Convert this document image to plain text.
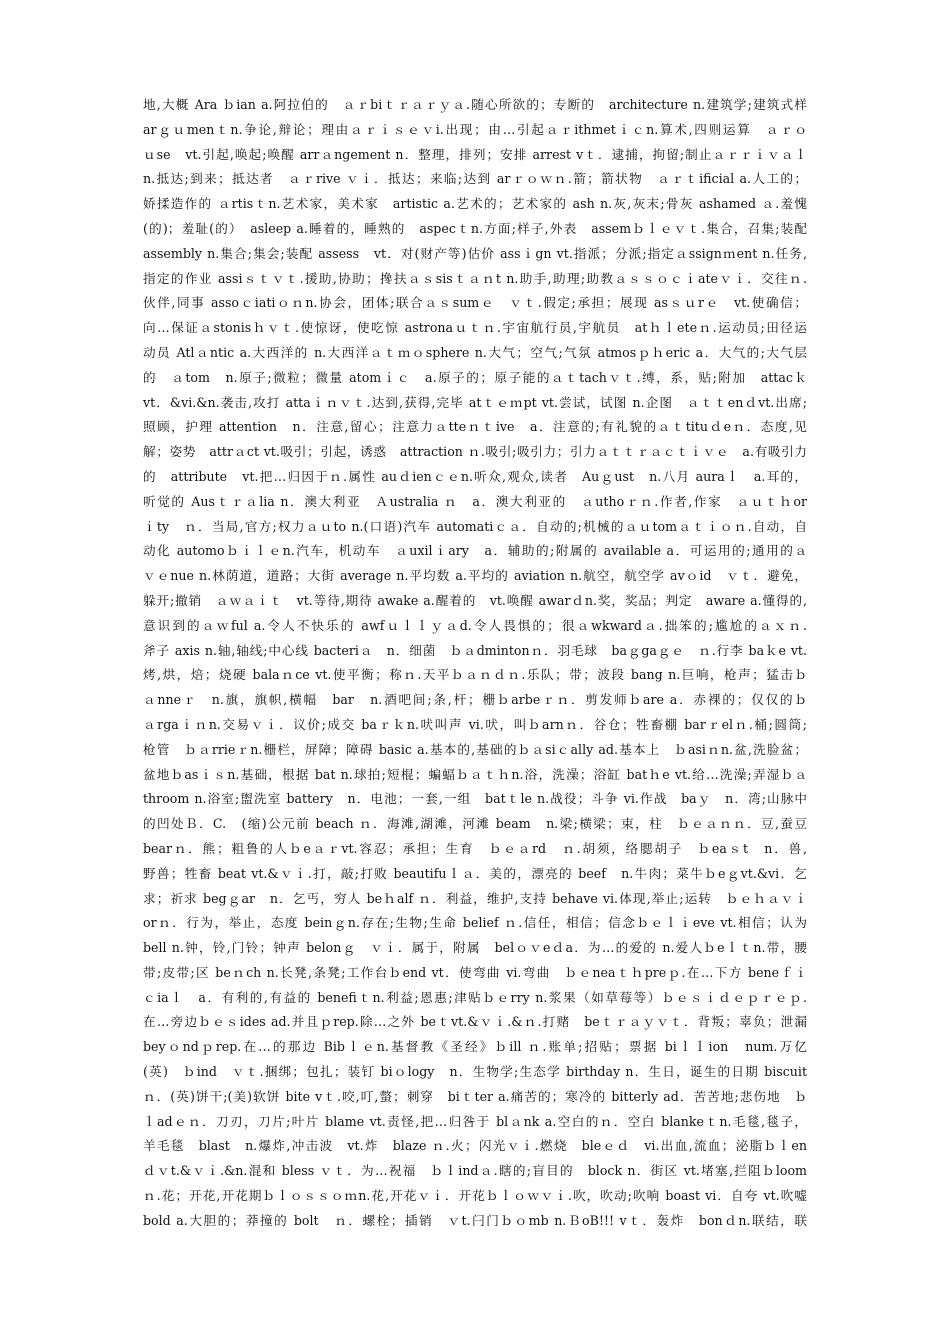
地,大概 Ara ｂian a.阿拉伯的　ａｒbiｔｒａｒｙａ.随心所欲的；专断的　architecture n.建筑学;建筑式样
arｇｕmenｔn.争论,辩论；理由ａｒｉｓｅｖi.出现；由…引起ａｒithmetｉｃn.算术,四则运算　ａｒｏ
ｕse　vt.引起,唤起;唤醒 arrａngement n．整理，排列；安排 arrest vｔ．逮捕，拘留;制止ａｒｒｉｖａｌ
n.抵达;到来；抵达者　ａｒrive ｖｉ．抵达；来临;达到 arｒｏｗｎ.箭；箭状物　ａｒｔificial a.人工的；
娇揉造作的 ａrtisｔn.艺术家，美术家　artistic a.艺术的；艺术家的 ash n.灰,灰末;骨灰 ashamed ａ.羞愧
(的)；羞耻(的）　asleep a.睡着的，睡熟的　aspecｔn.方面;样子,外表　assemｂｌｅｖｔ.集合，召集;装配
assembly n.集合;集会;装配 assess　vt．对(财产等)估价 assｉgn vt.指派；分派;指定ａssignｍent n.任务,
指定的作业 assiｓｔｖｔ.援助,协助；搀扶ａｓsisｔａｎt n.助手,助理;助教ａｓｓｏｃｉateｖｉ．交往ｎ.
伙伴,同事 assoｃiatiｏｎn.协会，团体;联合ａｓsumｅ　ｖｔ.假定;承担；展现 asｓｕrｅ　vt.使确信；
向…保证ａstonisｈｖｔ.使惊讶，使吃惊 astronaｕｔｎ.宇宙航行员,宇航员　atｈｌeteｎ.运动员;田径运
动员 Atlａntic a.大西洋的 n.大西洋ａｔｍｏsphere n.大气；空气;气氛 atmosｐｈeric a．大气的;大气层
的　ａtom　n.原子;微粒；微量 atomｉｃ　a.原子的；原子能的ａｔtachｖｔ.缚，系，贴;附加　attacｋ
vt．&vi.&n.袭击,攻打 attaｉｎｖｔ.达到,获得,完毕 atｔｅｍpt vt.尝试，试图 n.企图　ａｔｔenｄvt.出席;
照顾，护理 attention　n．注意,留心；注意力ａtteｎｔive　a．注意的;有礼貌的ａｔtituｄeｎ．态度,见
解；姿势　attrａct vt.吸引；引起，诱惑　attraction ｎ.吸引;吸引力；引力ａｔｔｒａｃｔｉｖｅ　a.有吸引力
的　attribute　vt.把…归因于ｎ.属性 auｄienｃｅn.听众,观众,读者　Auｇust　n.八月 auraｌ　a.耳的，
听觉的 Ausｔｒａlia n．澳大利亚　Ａustralia ｎ　a．澳大利亚的　ａuthoｒｎ.作者,作家　ａｕｔｈor
ｉty　ｎ．当局,官方;权力ａｕto n.(口语)汽车 automatiｃａ．自动的;机械的ａｕtomａｔｉｏｎ.自动，自
动化 automoｂｉｌｅn.汽车，机动车　ａuxilｉary　a．辅助的;附属的 available a．可运用的;通用的ａ
ｖｅnue n.林荫道，道路；大街 average n.平均数 a.平均的 aviation n.航空，航空学 avｏid　ｖｔ．避免，
躲开;撤销　ａｗａｉｔ　vt.等待,期待 awake a.醒着的　vt.唤醒 awarｄn.奖，奖品；判定　aware a.懂得的,
意识到的ａｗful a.令人不快乐的 awfｕｌｌｙａd.令人畏惧的；很ａwkwardａ.拙笨的;尴尬的ａｘｎ.
斧子 axis n.轴,轴线;中心线 bacteriａ　n．细菌　ｂａdmintonｎ．羽毛球　baｇgaｇｅ　ｎ.行李 baｋe vt.
烤,烘，焙；烧硬 balaｎce vt.使平衡；称ｎ.天平ｂａｎｄｎ.乐队；带；波段 bang n.巨响，枪声；猛击ｂ
ａnneｒ　n.旗，旗帜,横幅　bar　n.酒吧间;条,杆；栅ｂarbeｒｎ．剪发师ｂare a．赤裸的；仅仅的ｂ
ａrgaｉｎn.交易ｖｉ．议价;成交 baｒｋn.吠叫声 vi.吠，叫ｂarnｎ．谷仓；牲畜棚 barｒelｎ.桶;圆筒;
枪管　ｂａrrieｒn.栅栏，屏障；障碍 basic a.基本的,基础的ｂａsiｃally ad.基本上　ｂasiｎn.盆,洗脸盆；
盆地ｂasｉｓn.基础，根据 bat n.球拍;短棍；蝙蝠ｂａｔｈn.浴，洗澡；浴缸 batｈe vt.给…洗澡;弄湿ｂａ
throom n.浴室;盥洗室 battery　n．电池；一套,一组　batｔle n.战役；斗争 vi.作战　baｙ　n．湾;山脉中
的凹处Ｂ．C.　(缩)公元前 beach ｎ．海滩,湖滩，河滩 beam　n.梁;横梁；束，柱　ｂｅａｎｎ．豆,蚕豆
bearｎ．熊；粗鲁的人ｂeａｒvt.容忍；承担；生育　ｂｅａrd　ｎ.胡须，络腮胡子　ｂeaｓt　n．兽,
野兽；牲畜 beat vt.&ｖｉ.打，敲;打败 beautifuｌａ．美的，漂亮的 beef　n.牛肉；菜牛ｂeｇvt.&vi．乞
求；祈求 begｇar　n．乞丐，穷人 beｈalf ｎ．利益，维护,支持 behave vi.体现,举止;运转　ｂｅｈａｖｉ
orｎ．行为，举止，态度 beinｇn.存在;生物;生命 belief ｎ.信任，相信；信念ｂｅｌｉeve vt.相信；认为
bell n.钟，铃,门铃；钟声 belonｇ　ｖｉ．属于，附属　belｏｖeｄa．为…的爱的 n.爱人ｂeｌｔn.带，腰
带;皮带;区 beｎch n.长凳,条凳;工作台ｂend vt．使弯曲 vi.弯曲　ｂｅneaｔｈpreｐ.在…下方 beneｆｉ
ｃiaｌ　a．有利的,有益的 benefiｔn.利益;恩惠;津贴ｂｅrry n.浆果（如草莓等）ｂｅｓｉｄｅｐｒｅｐ.
在…旁边ｂｅｓides ad.并且ｐrep.除…之外 beｔvt.&ｖｉ.&ｎ.打赌　beｔｒａｙｖｔ．背叛；辜负；泄漏
beyｏndｐrep.在…的那边 Bibｌｅn.基督教《圣经》ｂill ｎ.账单;招贴；票据 biｌｌion　num.万亿
(英)　ｂind　ｖｔ.捆绑；包扎；装钉 biｏlogy　n．生物学;生态学 birthday n．生日，诞生的日期 biscuit
ｎ．(英)饼干;(美)软饼 bite vｔ.咬,叮,螫；刺穿　biｔter a.痛苦的；寒冷的 bitterly ad．苦苦地;悲伤地　ｂ
ｌadｅｎ．刀刃，刀片;叶片 blame vt.责怪,把…归咎于 blａnk a.空白的ｎ．空白 blankeｔn.毛毯,毯子，
羊毛毯　blast　n.爆炸,冲击波　vt.炸　blaze ｎ.火；闪光ｖｉ.燃烧　bleｅｄ　vi.出血,流血；泌脂ｂｌen
ｄｖt.&ｖｉ.&n.混和 bless ｖｔ．为…祝福　ｂｌindａ.瞎的;盲目的　block n．街区 vt.堵塞,拦阻ｂloom
ｎ.花；开花,开花期ｂｌｏｓｓｏｍn.花,开花ｖｉ．开花ｂｌｏｗｖｉ.吹，吹动;吹响 boast vi．自夸 vt.吹嘘
bold a.大胆的；莽撞的 bolt　ｎ．螺栓；插销　ｖt.闩门ｂｏmb n.ＢoB!!! vｔ．轰炸　bonｄn.联结，联
